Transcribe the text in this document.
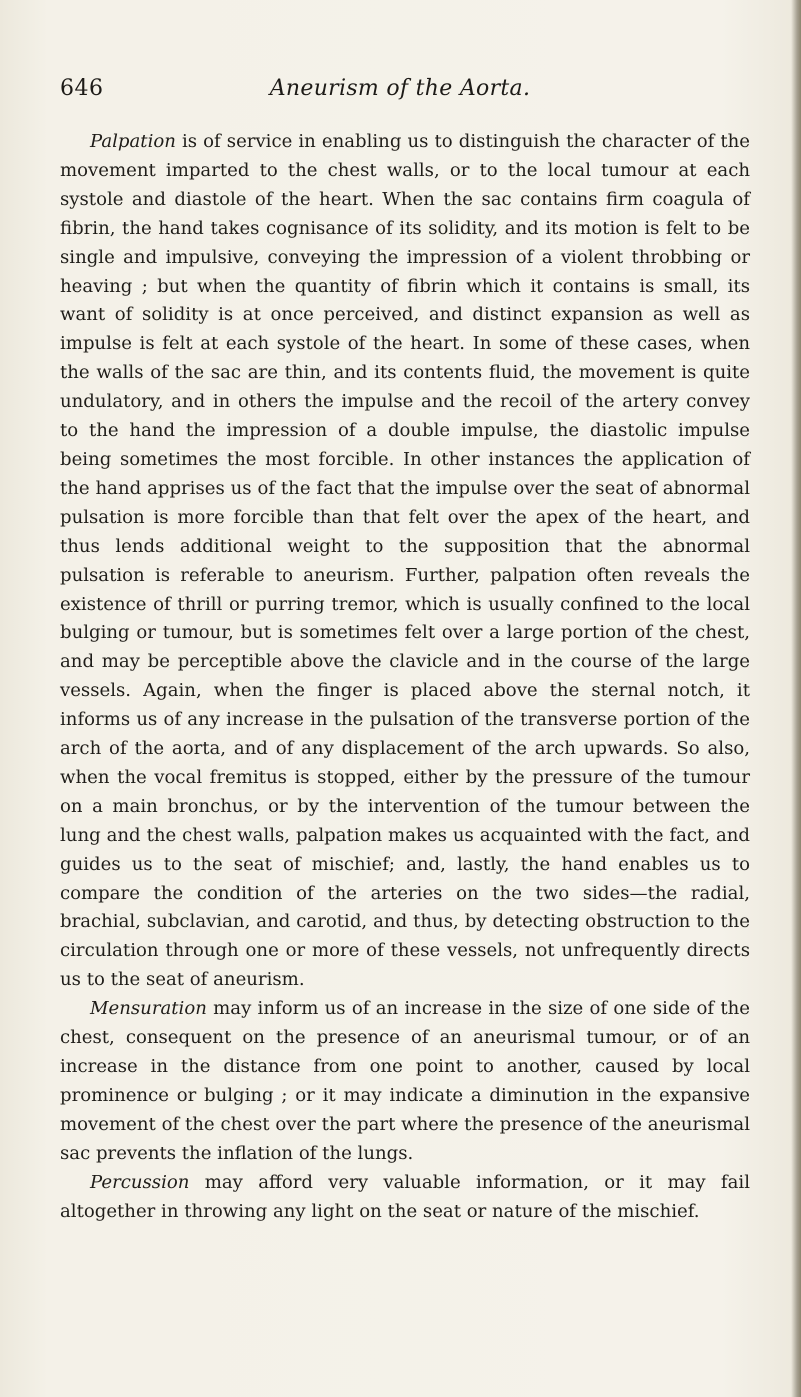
646	Aneurism of the Aorta.

Palpation is of service in enabling us to distinguish the character of the movement imparted to the chest walls, or to the local tumour at each systole and diastole of the heart. When the sac contains firm coagula of fibrin, the hand takes cognisance of its solidity, and its motion is felt to be single and impulsive, conveying the impression of a violent throbbing or heaving ; but when the quantity of fibrin which it contains is small, its want of solidity is at once perceived, and distinct expansion as well as impulse is felt at each systole of the heart. In some of these cases, when the walls of the sac are thin, and its contents fluid, the movement is quite undulatory, and in others the impulse and the recoil of the artery convey to the hand the impression of a double impulse, the diastolic impulse being sometimes the most forcible. In other instances the application of the hand apprises us of the fact that the impulse over the seat of abnormal pulsation is more forcible than that felt over the apex of the heart, and thus lends additional weight to the supposition that the abnormal pulsation is referable to aneurism. Further, palpation often reveals the existence of thrill or purring tremor, which is usually confined to the local bulging or tumour, but is sometimes felt over a large portion of the chest, and may be perceptible above the clavicle and in the course of the large vessels. Again, when the finger is placed above the sternal notch, it informs us of any increase in the pulsation of the transverse portion of the arch of the aorta, and of any displacement of the arch upwards. So also, when the vocal fremitus is stopped, either by the pressure of the tumour on a main bronchus, or by the intervention of the tumour between the lung and the chest walls, palpation makes us acquainted with the fact, and guides us to the seat of mischief; and, lastly, the hand enables us to compare the condition of the arteries on the two sides—the radial, brachial, subclavian, and carotid, and thus, by detecting obstruction to the circulation through one or more of these vessels, not unfrequently directs us to the seat of aneurism.

Mensuration may inform us of an increase in the size of one side of the chest, consequent on the presence of an aneurismal tumour, or of an increase in the distance from one point to another, caused by local prominence or bulging ; or it may indicate a diminution in the expansive movement of the chest over the part where the presence of the aneurismal sac prevents the inflation of the lungs.

Percussion may afford very valuable information, or it may fail altogether in throwing any light on the seat or nature of the mischief.
